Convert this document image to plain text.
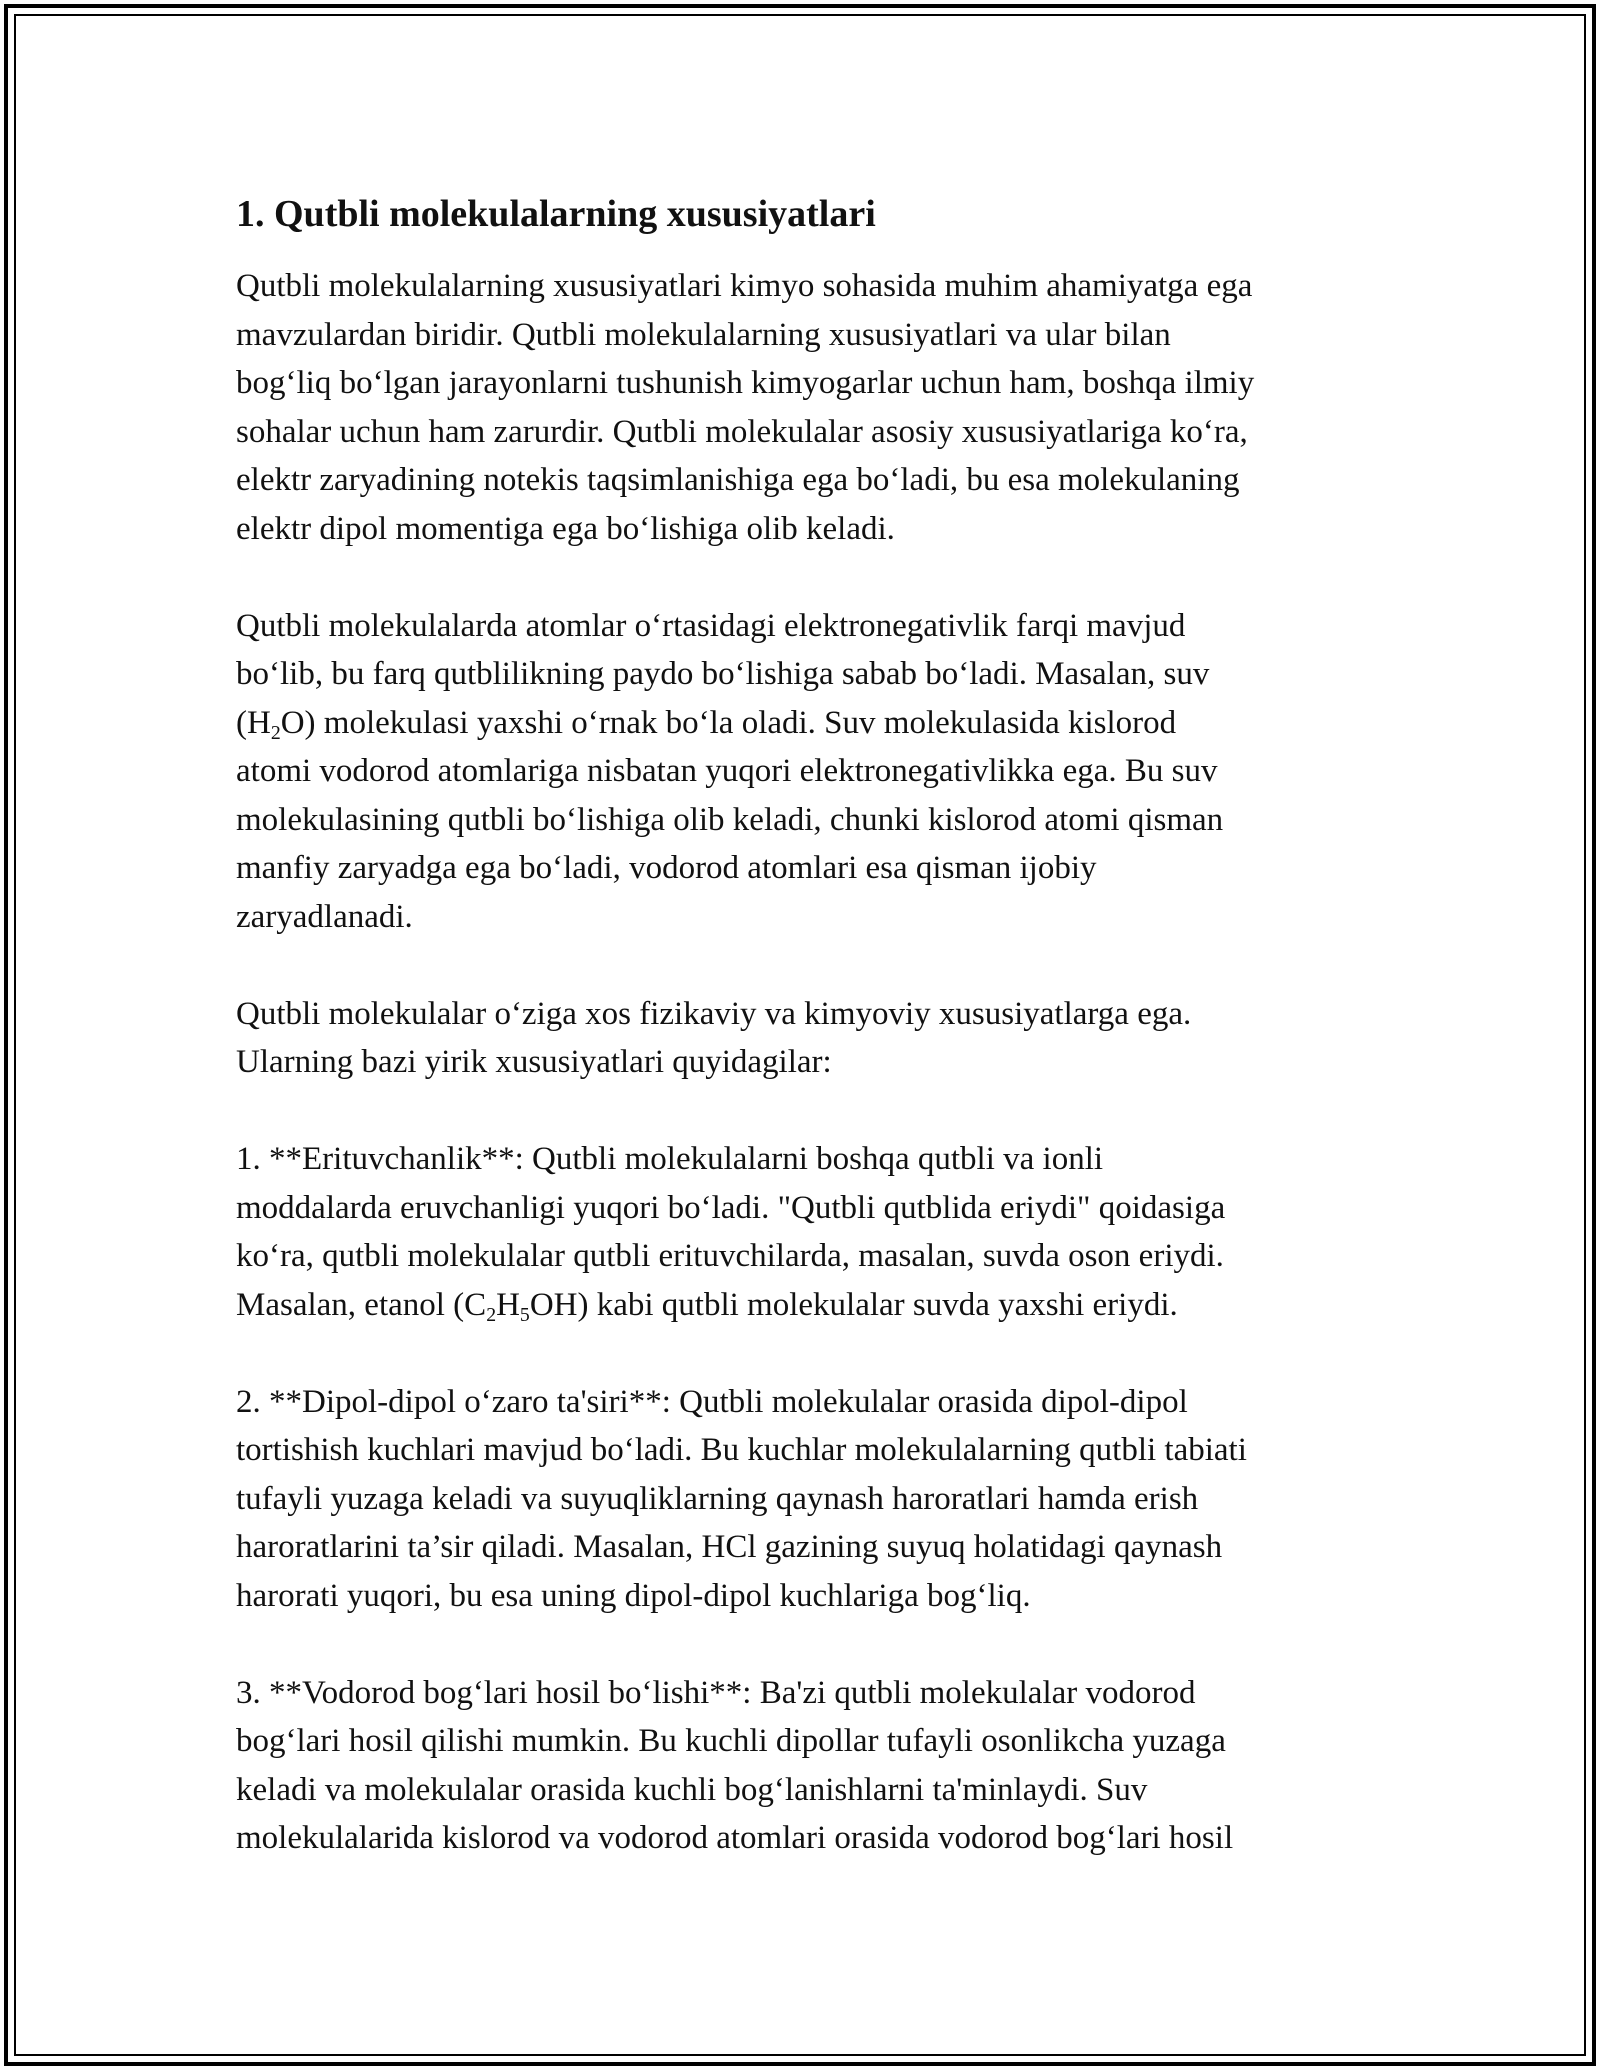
1. Qutbli molekulalarning xususiyatlari

Qutbli molekulalarning xususiyatlari kimyo sohasida muhim ahamiyatga ega
mavzulardan biridir. Qutbli molekulalarning xususiyatlari va ular bilan
bogʻliq boʻlgan jarayonlarni tushunish kimyogarlar uchun ham, boshqa ilmiy
sohalar uchun ham zarurdir. Qutbli molekulalar asosiy xususiyatlariga koʻra,
elektr zaryadining notekis taqsimlanishiga ega boʻladi, bu esa molekulaning
elektr dipol momentiga ega boʻlishiga olib keladi.

Qutbli molekulalarda atomlar oʻrtasidagi elektronegativlik farqi mavjud
boʻlib, bu farq qutblilikning paydo boʻlishiga sabab boʻladi. Masalan, suv
$(H_2O)$ molekulasi yaxshi oʻrnak boʻla oladi. Suv molekulasida kislorod
atomi vodorod atomlariga nisbatan yuqori elektronegativlikka ega. Bu suv
molekulasining qutbli boʻlishiga olib keladi, chunki kislorod atomi qisman
manfiy zaryadga ega boʻladi, vodorod atomlari esa qisman ijobiy
zaryadlanadi.

Qutbli molekulalar oʻziga xos fizikaviy va kimyoviy xususiyatlarga ega.
Ularning bazi yirik xususiyatlari quyidagilar:

1. **Erituvchanlik**: Qutbli molekulalarni boshqa qutbli va ionli
moddalarda eruvchanligi yuqori boʻladi. "Qutbli qutblida eriydi" qoidasiga
koʻra, qutbli molekulalar qutbli erituvchilarda, masalan, suvda oson eriydi.
Masalan, etanol $(C_2H_5OH)$ kabi qutbli molekulalar suvda yaxshi eriydi.

2. **Dipol-dipol oʻzaro ta'siri**: Qutbli molekulalar orasida dipol-dipol
tortishish kuchlari mavjud boʻladi. Bu kuchlar molekulalarning qutbli tabiati
tufayli yuzaga keladi va suyuqliklarning qaynash haroratlari hamda erish
haroratlarini ta’sir qiladi. Masalan, HCl gazining suyuq holatidagi qaynash
harorati yuqori, bu esa uning dipol-dipol kuchlariga bogʻliq.

3. **Vodorod bogʻlari hosil boʻlishi**: Ba'zi qutbli molekulalar vodorod
bogʻlari hosil qilishi mumkin. Bu kuchli dipollar tufayli osonlikcha yuzaga
keladi va molekulalar orasida kuchli bogʻlanishlarni ta'minlaydi. Suv
molekulalarida kislorod va vodorod atomlari orasida vodorod bogʻlari hosil
